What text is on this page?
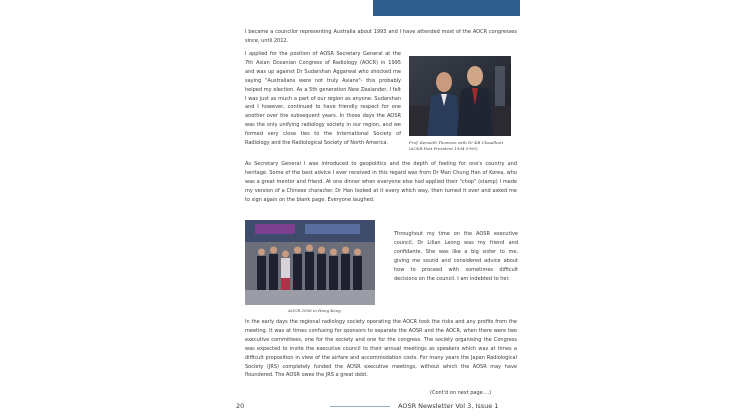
I became a councilor representing Australia about 1993 and I have attended most of the AOCR congresses since, until 2012.

I applied for the position of AOSR Secretary General at the 7th Asian Oceanian Congress of Radiology (AOCR) in 1995 and was up against Dr Sudarshan Aggarwal who shocked me saying "Australians were not truly Asians"- this probably helped my election. As a 5th generation New Zealander, I felt I was just as much a part of our region as anyone. Sudarshan and I however, continued to have friendly respect for one another over the subsequent years. In those days the AOSR was the only unifying radiology society in our region, and we formed very close ties to the International Society of Radiology and the Radiological Society of North America.	Prof. Kenneth Thomson with Dr KB Chaudhuri (AOSR Past President 1994-1995)

As Secretary General I was introduced to geopolitics and the depth of feeling for one's country and heritage. Some of the best advice I ever received in this regard was from Dr Man Chung Han of Korea, who was a great mentor and friend. At one dinner when everyone else had applied their "chop" (stamp) I made my version of a Chinese character. Dr Han looked at it every which way, then turned it over and asked me to sign again on the blank page. Everyone laughed.

AOCR 2008 in Hong Kong

Throughout my time on the AOSR executive council, Dr Lilian Leong was my friend and confidante. She was like a big sister to me, giving me sound and considered advice about how to proceed with sometimes difficult decisions on the council. I am indebted to her.

In the early days the regional radiology society operating the AOCR took the risks and any profits from the meeting. It was at times confusing for sponsors to separate the AOSR and the AOCR, when there were two executive committees, one for the society and one for the congress. The society organising the Congress was expected to invite the executive council to their annual meetings as speakers which was at times a difficult proposition in view of the airfare and accommodation costs. For many years the Japan Radiological Society (JRS) completely funded the AOSR executive meetings, without which the AOSR may have floundered. The AOSR owes the JRS a great debt.

(Cont'd on next page....)
20	AOSR Newsletter Vol 3, Issue 1
